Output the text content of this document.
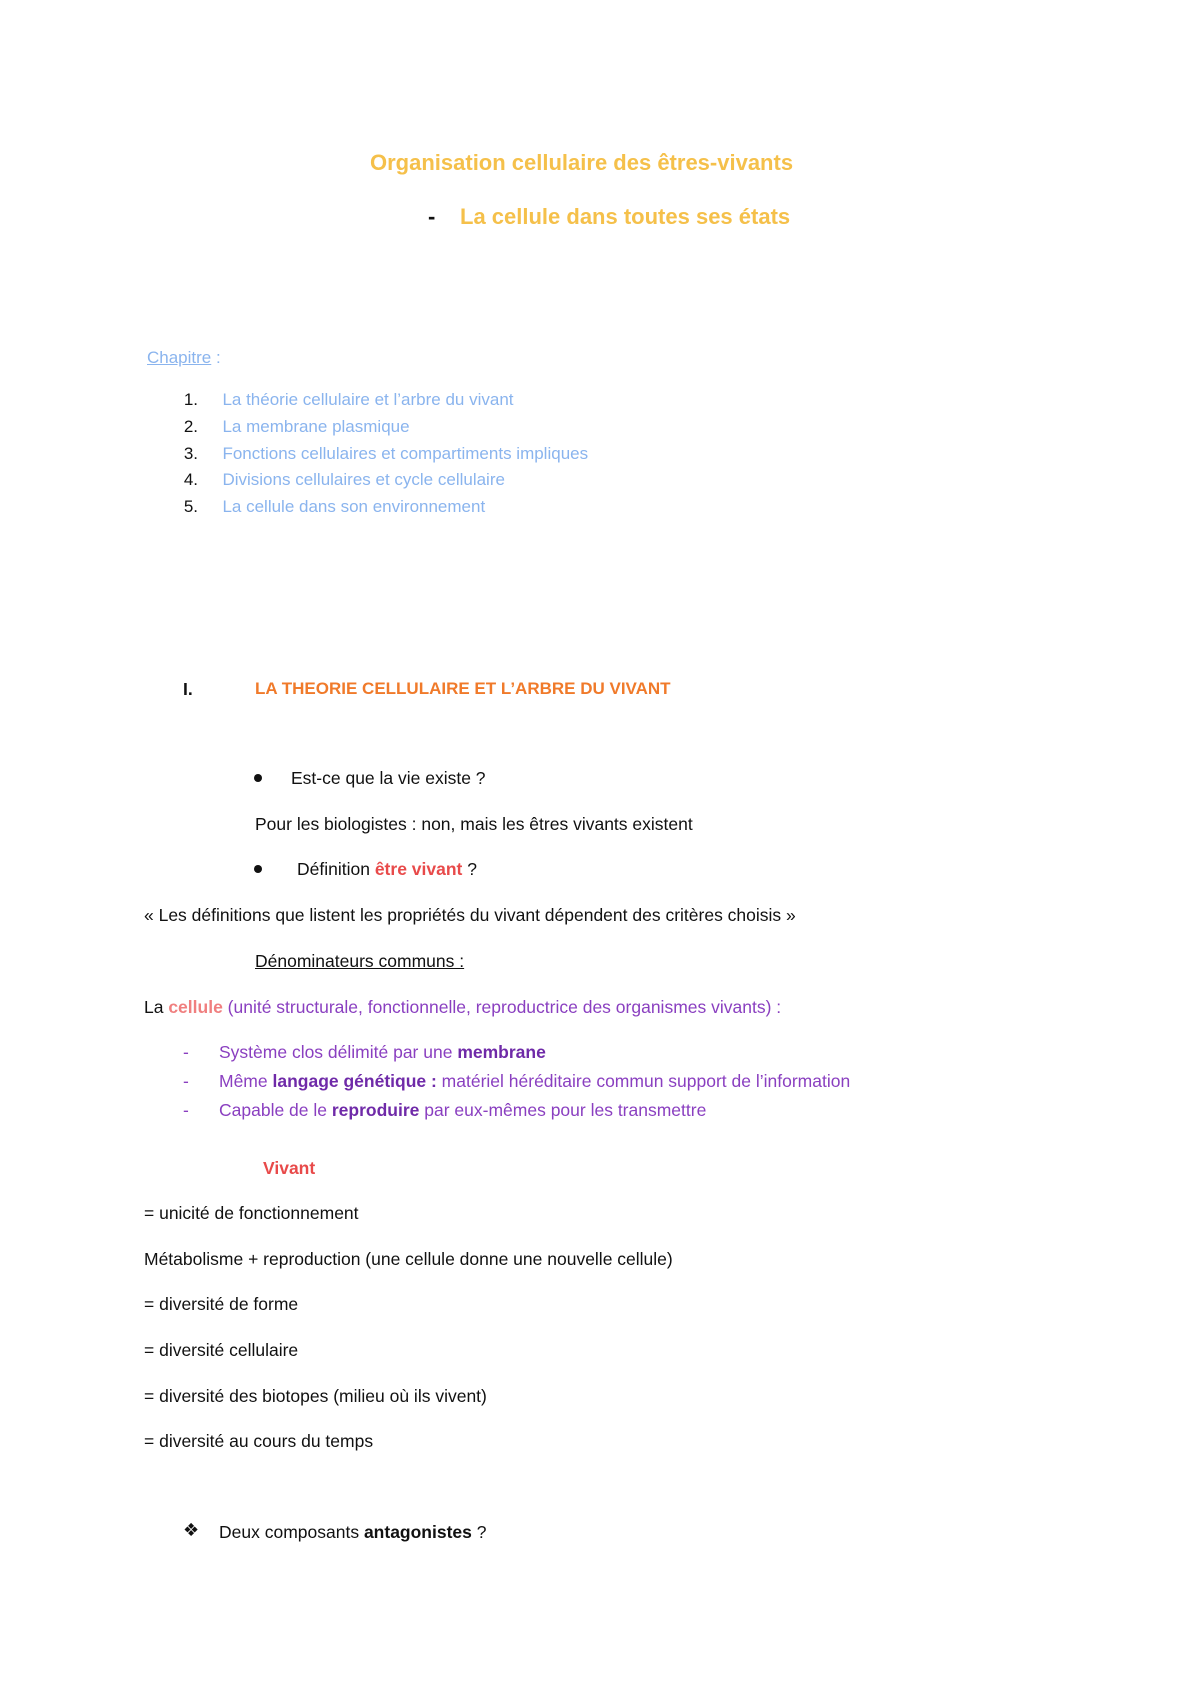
Organisation cellulaire des êtres-vivants
- La cellule dans toutes ses états
Chapitre :
1. La théorie cellulaire et l’arbre du vivant
2. La membrane plasmique
3. Fonctions cellulaires et compartiments impliques
4. Divisions cellulaires et cycle cellulaire
5. La cellule dans son environnement
I.	LA THEORIE CELLULAIRE ET L’ARBRE DU VIVANT
Est-ce que la vie existe ?
Pour les biologistes : non, mais les êtres vivants existent
Définition être vivant ?
« Les définitions que listent les propriétés du vivant dépendent des critères choisis »
Dénominateurs communs :
La cellule (unité structurale, fonctionnelle, reproductrice des organismes vivants) :
- Système clos délimité par une membrane
- Même langage génétique : matériel héréditaire commun support de l’information
- Capable de le reproduire par eux-mêmes pour les transmettre
Vivant
= unicité de fonctionnement
Métabolisme + reproduction (une cellule donne une nouvelle cellule)
= diversité de forme
= diversité cellulaire
= diversité des biotopes (milieu où ils vivent)
= diversité au cours du temps
❖ Deux composants antagonistes ?
